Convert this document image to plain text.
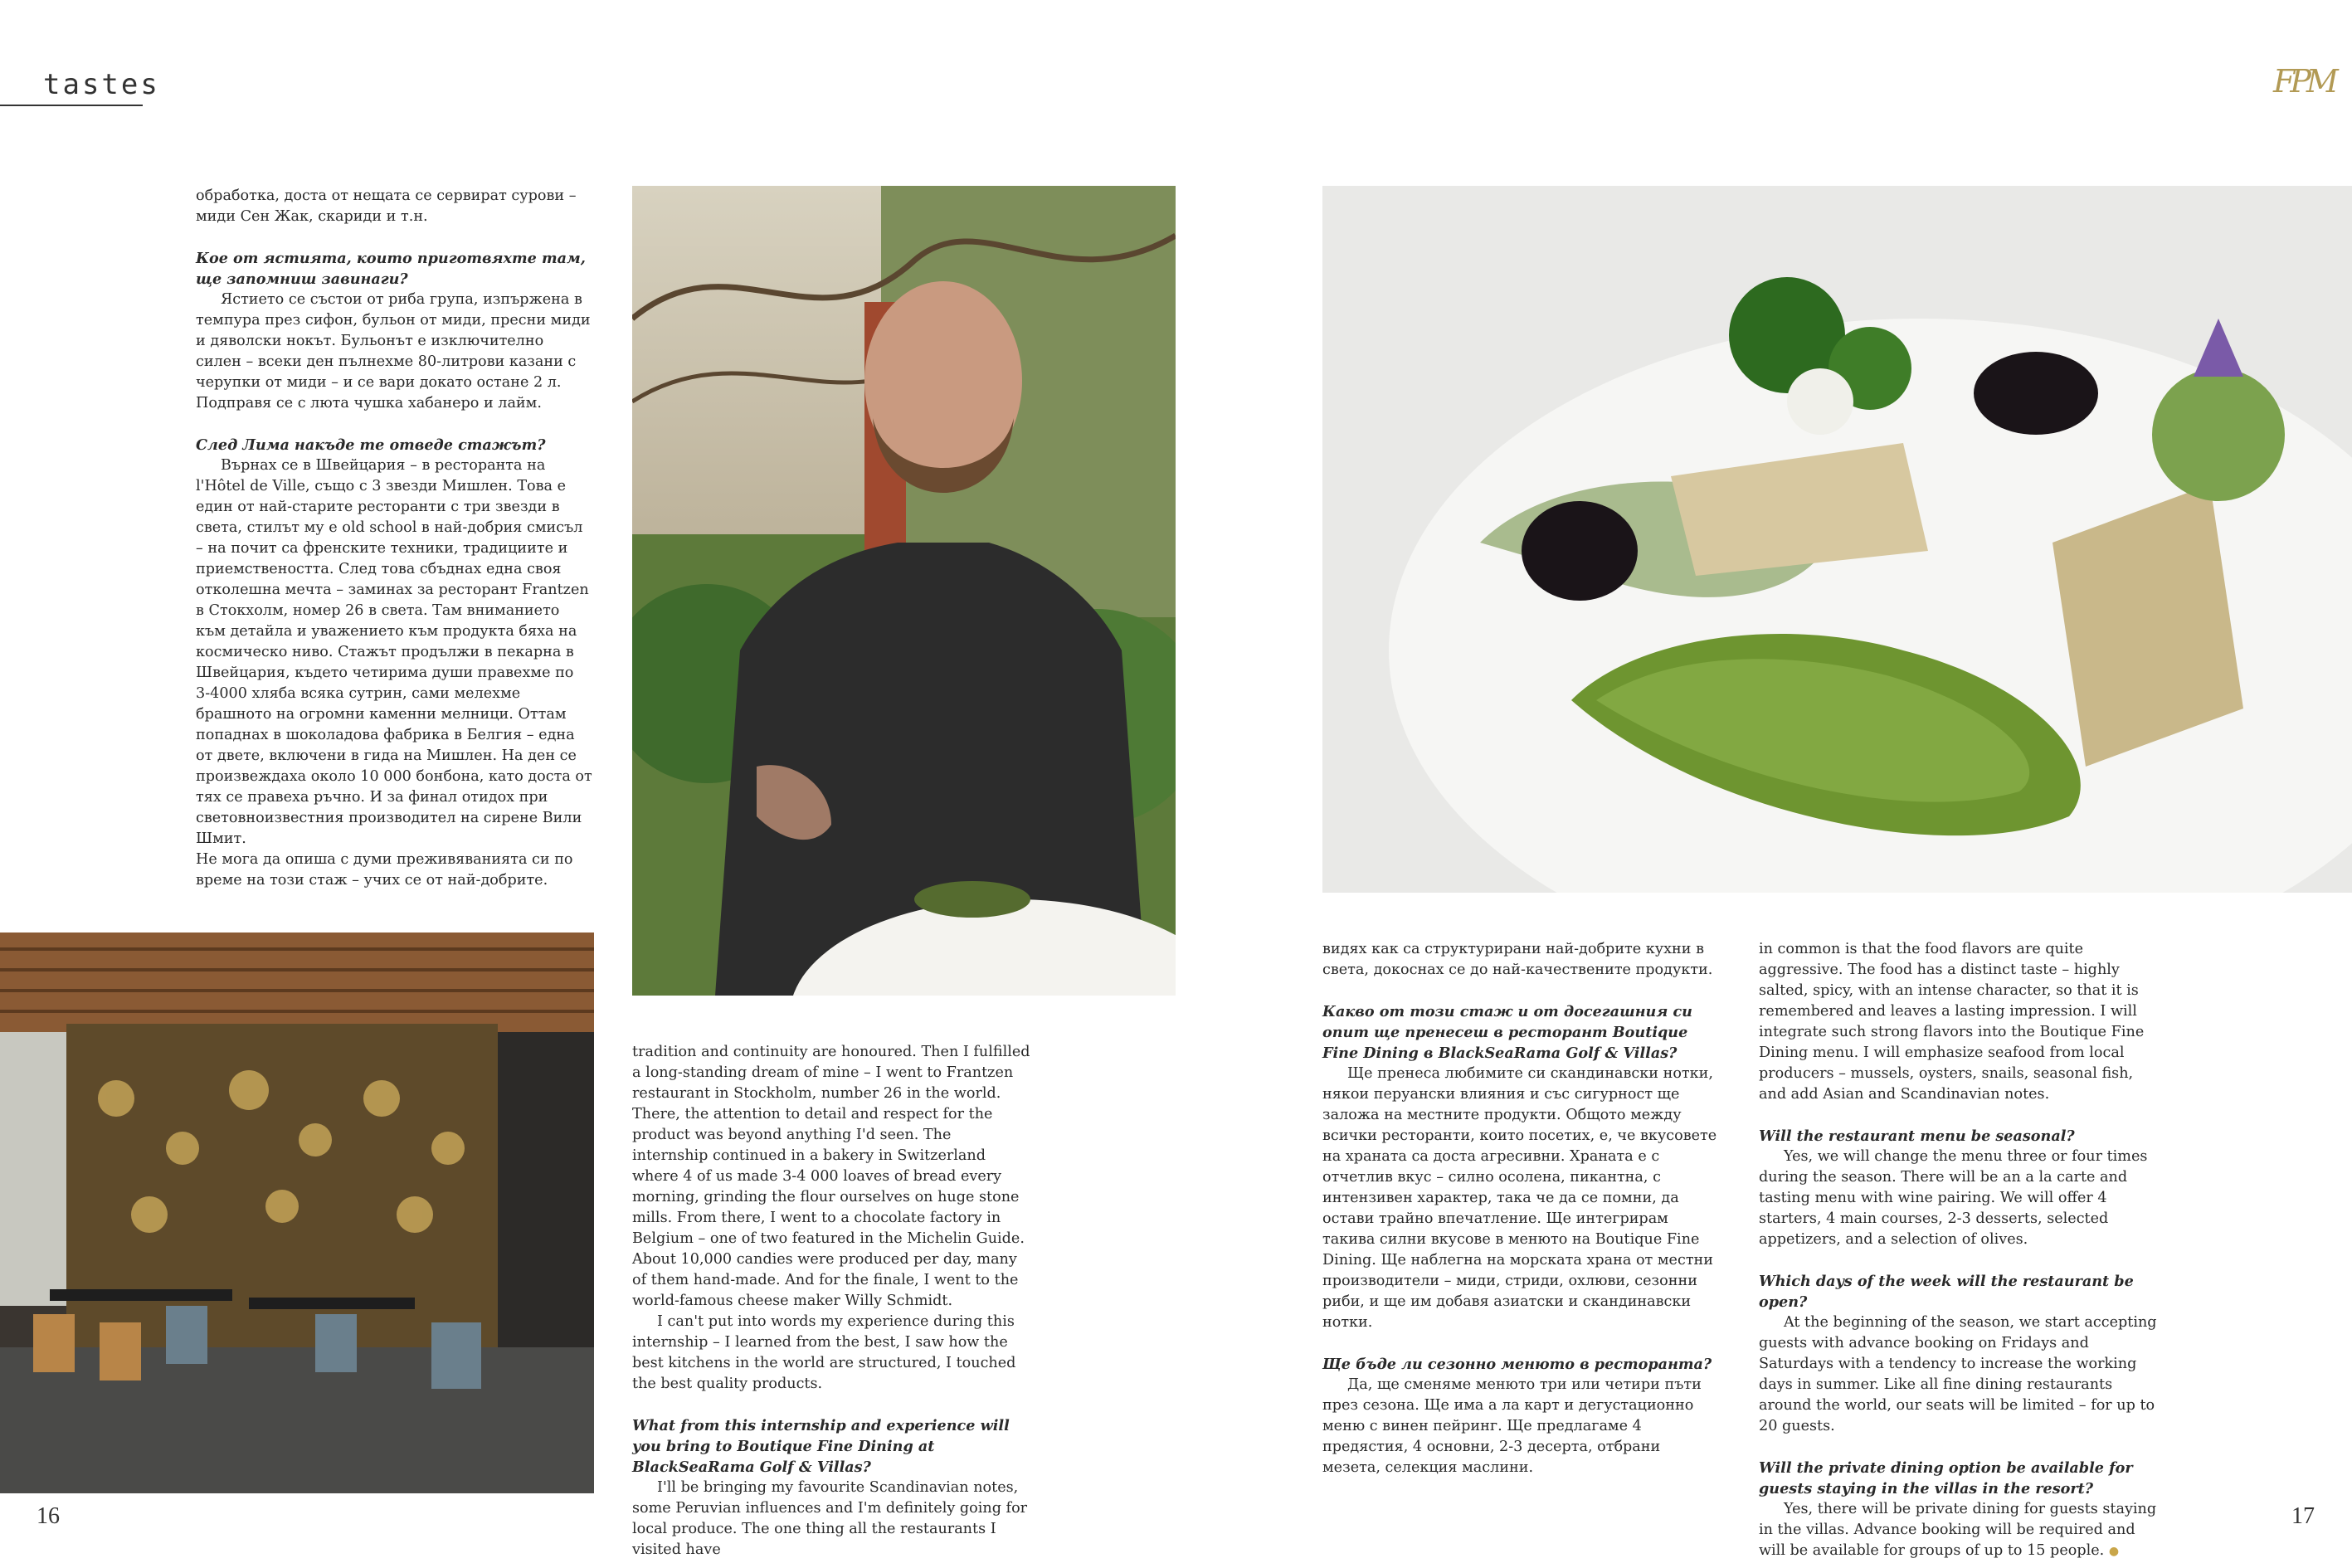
tastes	FPM

обработка, доста от нещата се сервират сурови – миди Сен Жак, скариди и т.н.

Кое от ястията, които приготвяхте там, ще запомниш завинаги?

Ястието се състои от риба група, изпържена в темпура през сифон, бульон от миди, пресни миди и дяволски нокът. Бульонът е изключително силен – всеки ден пълнехме 80-литрови казани с черупки от миди – и се вари докато остане 2 л. Подправя се с люта чушка хабанеро и лайм.

След Лима накъде те отведе стажът?

Върнах се в Швейцария – в ресторанта на l'Hôtel de Ville, също с 3 звезди Мишлен. Това е един от най-старите ресторанти с три звезди в света, стилът му е old school в най-добрия смисъл – на почит са френските техники, традициите и приемствеността. След това сбъднах една своя отколешна мечта – заминах за ресторант Frantzen в Стокхолм, номер 26 в света. Там вниманието към детайла и уважението към продукта бяха на космическо ниво. Стажът продължи в пекарна в Швейцария, където четирима души правехме по 3-4000 хляба всяка сутрин, сами мелехме брашното на огромни каменни мелници. Оттам попаднах в шоколадова фабрика в Белгия – една от двете, включени в гида на Мишлен. На ден се произвеждаха около 10 000 бонбона, като доста от тях се правеха ръчно. И за финал отидох при световноизвестния производител на сирене Вили Шмит.

Не мога да опиша с думи преживяванията си по време на този стаж – учих се от най-добрите.

tradition and continuity are honoured. Then I fulfilled a long-standing dream of mine – I went to Frantzen restaurant in Stockholm, number 26 in the world. There, the attention to detail and respect for the product was beyond anything I'd seen. The internship continued in a bakery in Switzerland where 4 of us made 3-4 000 loaves of bread every morning, grinding the flour ourselves on huge stone mills. From there, I went to a chocolate factory in Belgium – one of two featured in the Michelin Guide. About 10,000 candies were produced per day, many of them hand-made. And for the finale, I went to the world-famous cheese maker Willy Schmidt.

I can't put into words my experience during this internship – I learned from the best, I saw how the best kitchens in the world are structured, I touched the best quality products.

What from this internship and experience will you bring to Boutique Fine Dining at BlackSeaRama Golf & Villas?

I'll be bringing my favourite Scandinavian notes, some Peruvian influences and I'm definitely going for local produce. The one thing all the restaurants I visited have

видях как са структурирани най-добрите кухни в света, докоснах се до най-качествените продукти.

Какво от този стаж и от досегашния си опит ще пренесеш в ресторант Boutique Fine Dining в BlackSeaRama Golf & Villas?

Ще пренеса любимите си скандинавски нотки, някои перуански влияния и със сигурност ще заложа на местните продукти. Общото между всички ресторанти, които посетих, е, че вкусовете на храната са доста агресивни. Храната е с отчетлив вкус – силно осолена, пикантна, с интензивен характер, така че да се помни, да остави трайно впечатление. Ще интегрирам такива силни вкусове в менюто на Boutique Fine Dining. Ще наблегна на морската храна от местни производители – миди, стриди, охлюви, сезонни риби, и ще им добавя азиатски и скандинавски нотки.

Ще бъде ли сезонно менюто в ресторанта?

Да, ще сменяме менюто три или четири пъти през сезона. Ще има а ла карт и дегустационно меню с винен пейринг. Ще предлагаме 4 предястия, 4 основни, 2-3 десерта, отбрани мезета, селекция маслини.

in common is that the food flavors are quite aggressive. The food has a distinct taste – highly salted, spicy, with an intense character, so that it is remembered and leaves a lasting impression. I will integrate such strong flavors into the Boutique Fine Dining menu. I will emphasize seafood from local producers – mussels, oysters, snails, seasonal fish, and add Asian and Scandinavian notes.

Will the restaurant menu be seasonal?

Yes, we will change the menu three or four times during the season. There will be an a la carte and tasting menu with wine pairing. We will offer 4 starters, 4 main courses, 2-3 desserts, selected appetizers, and a selection of olives.

Which days of the week will the restaurant be open?

At the beginning of the season, we start accepting guests with advance booking on Fridays and Saturdays with a tendency to increase the working days in summer. Like all fine dining restaurants around the world, our seats will be limited – for up to 20 guests.

Will the private dining option be available for guests staying in the villas in the resort?

Yes, there will be private dining for guests staying in the villas. Advance booking will be required and will be available for groups of up to 15 people. ●

16	17
